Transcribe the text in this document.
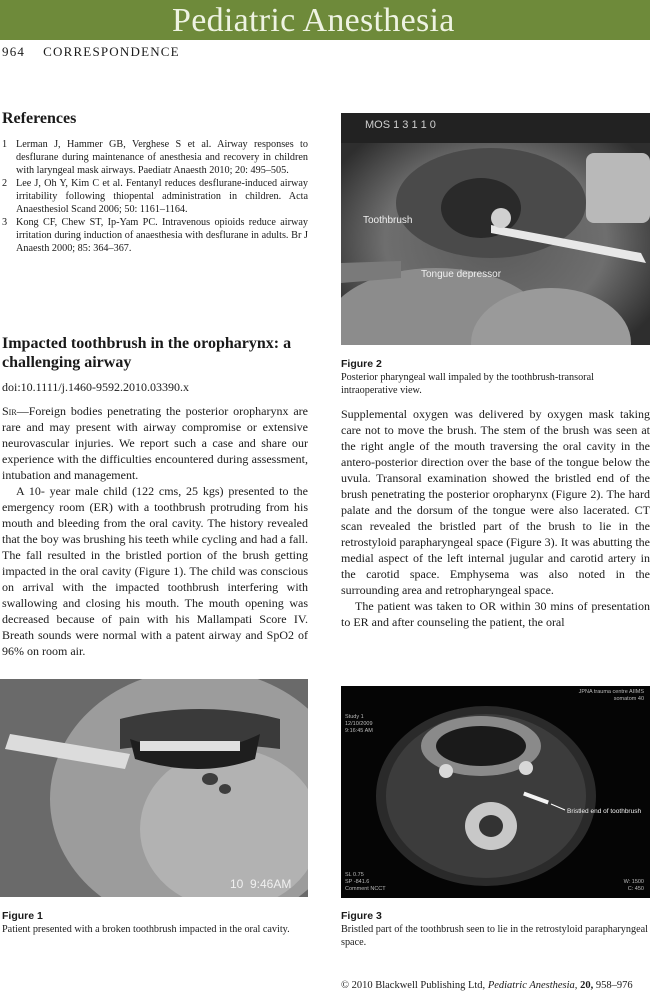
Pediatric Anesthesia
964 CORRESPONDENCE
References
1 Lerman J, Hammer GB, Verghese S et al. Airway responses to desflurane during maintenance of anesthesia and recovery in children with laryngeal mask airways. Paediatr Anaesth 2010; 20: 495–505.
2 Lee J, Oh Y, Kim C et al. Fentanyl reduces desflurane-induced airway irritability following thiopental administration in children. Acta Anaesthesiol Scand 2006; 50: 1161–1164.
3 Kong CF, Chew ST, Ip-Yam PC. Intravenous opioids reduce airway irritation during induction of anaesthesia with desflurane in adults. Br J Anaesth 2000; 85: 364–367.
Impacted toothbrush in the oropharynx: a challenging airway
doi:10.1111/j.1460-9592.2010.03390.x

Sir—Foreign bodies penetrating the posterior oropharynx are rare and may present with airway compromise or extensive neurovascular injuries. We report such a case and share our experience with the difficulties encountered during assessment, intubation and management.

A 10- year male child (122 cms, 25 kgs) presented to the emergency room (ER) with a toothbrush protruding from his mouth and bleeding from the oral cavity. The history revealed that the boy was brushing his teeth while cycling and had a fall. The fall resulted in the bristled portion of the brush getting impacted in the oral cavity (Figure 1). The child was conscious on arrival with the impacted toothbrush interfering with swallowing and closing his mouth. The mouth opening was decreased because of pain with his Mallampati Score IV. Breath sounds were normal with a patent airway and SpO2 of 96% on room air.

MOS 1 3 1 1 0
Toothbrush
Tongue depressor
Figure 2
Posterior pharyngeal wall impaled by the toothbrush-transoral intraoperative view.

Supplemental oxygen was delivered by oxygen mask taking care not to move the brush. The stem of the brush was seen at the right angle of the mouth traversing the oral cavity in the antero-posterior direction over the base of the tongue below the uvula. Transoral examination showed the bristled end of the brush penetrating the posterior oropharynx (Figure 2). The hard palate and the dorsum of the tongue were also lacerated. CT scan revealed the bristled part of the brush to lie in the retrostyloid parapharyngeal space (Figure 3). It was abutting the medial aspect of the left internal jugular and carotid artery in the carotid space. Emphysema was also noted in the surrounding area and retropharyngeal space.

The patient was taken to OR within 30 mins of presentation to ER and after counseling the patient, the oral

10 9:46AM
Figure 1
Patient presented with a broken toothbrush impacted in the oral cavity.
Bristled end of toothbrush
JPNA trauma centre AIIMS
somatom 40
Study 1
12/10/2009
9:16:45 AM
SL 0.75
SP -841.6
Comment NCCT
W: 1500
C: 450
Figure 3
Bristled part of the toothbrush seen to lie in the retrostyloid parapharyngeal space.
© 2010 Blackwell Publishing Ltd, Pediatric Anesthesia, 20, 958–976
